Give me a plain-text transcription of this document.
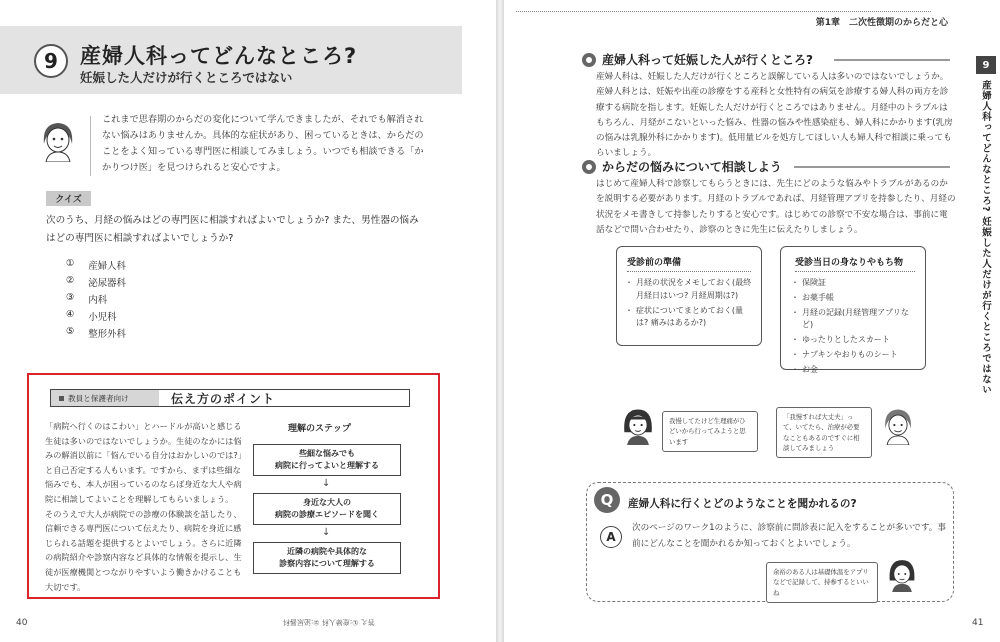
9	産婦人科ってどんなところ?
妊娠した人だけが行くところではない
これまで思春期のからだの変化について学んできましたが、それでも解消されない悩みはありませんか。具体的な症状があり、困っているときは、からだのことをよく知っている専門医に相談してみましょう。いつでも相談できる「かかりつけ医」を見つけられると安心ですよ。
クイズ
次のうち、月経の悩みはどの専門医に相談すればよいでしょうか? また、男性器の悩みはどの専門医に相談すればよいでしょうか?
① 産婦人科
② 泌尿器科
③ 内科
④ 小児科
⑤ 整形外科
教員と保護者向け	伝え方のポイント
「病院へ行くのはこわい」とハードルが高いと感じる生徒は多いのではないでしょうか。生徒のなかには悩みの解消以前に「悩んでいる自分はおかしいのでは?」と自己否定する人もいます。ですから、まずは些細な悩みでも、本人が困っているのならば身近な大人や病院に相談してよいことを理解してもらいましょう。　そのうえで大人が病院での診療の体験談を話したり、信頼できる専門医について伝えたり、病院を身近に感じられる話題を提供するとよいでしょう。さらに近隣の病院紹介や診察内容など具体的な情報を提示し、生徒が医療機関とつながりやすいよう働きかけることも大切です。
理解のステップ
些細な悩みでも
病院に行ってよいと理解する
↓
身近な大人の
病院の診療エピソードを聞く
↓
近隣の病院や具体的な
診察内容について理解する
40	答え ①:産婦人科 ②:泌尿器科
第1章　二次性徴期のからだと心
9
産婦人科ってどんなところ? 妊娠した人だけが行くところではない
産婦人科って妊娠した人が行くところ?
産婦人科は、妊娠した人だけが行くところと誤解している人は多いのではないでしょうか。産婦人科とは、妊娠や出産の診療をする産科と女性特有の病気を診療する婦人科の両方を診療する病院を指します。妊娠した人だけが行くところではありません。月経中のトラブルはもちろん、月経がこないといった悩み、性器の悩みや性感染症も、婦人科にかかります(乳房の悩みは乳腺外科にかかります)。低用量ピルを処方してほしい人も婦人科で相談に乗ってもらいましょう。
からだの悩みについて相談しよう
はじめて産婦人科で診察してもらうときには、先生にどのような悩みやトラブルがあるのかを説明する必要があります。月経のトラブルであれば、月経管理アプリを持参したり、月経の状況をメモ書きして持参したりすると安心です。はじめての診察で不安な場合は、事前に電話などで問い合わせたり、診察のときに先生に伝えたりしましょう。
受診前の準備
・ 月経の状況をメモしておく(最終月経日はいつ? 月経周期は?)
・ 症状についてまとめておく(量は? 痛みはあるか?)
受診当日の身なりやもち物
・ 保険証
・ お薬手帳
・ 月経の記録(月経管理アプリなど)
・ ゆったりとしたスカート
・ ナプキンやおりものシート
・ お金
我慢してたけど生理痛がひどいから行ってみようと思います
「我慢すれば大丈夫」って、いてたら、治療が必要なこともあるのですぐに相談してみましょう
Q	産婦人科に行くとどのようなことを聞かれるの?
A
次のページのワーク1のように、診察前に問診表に記入をすることが多いです。事前にどんなことを聞かれるか知っておくとよいでしょう。
余裕のある人は基礎体温をアプリなどで記録して、持参するといいね
41
